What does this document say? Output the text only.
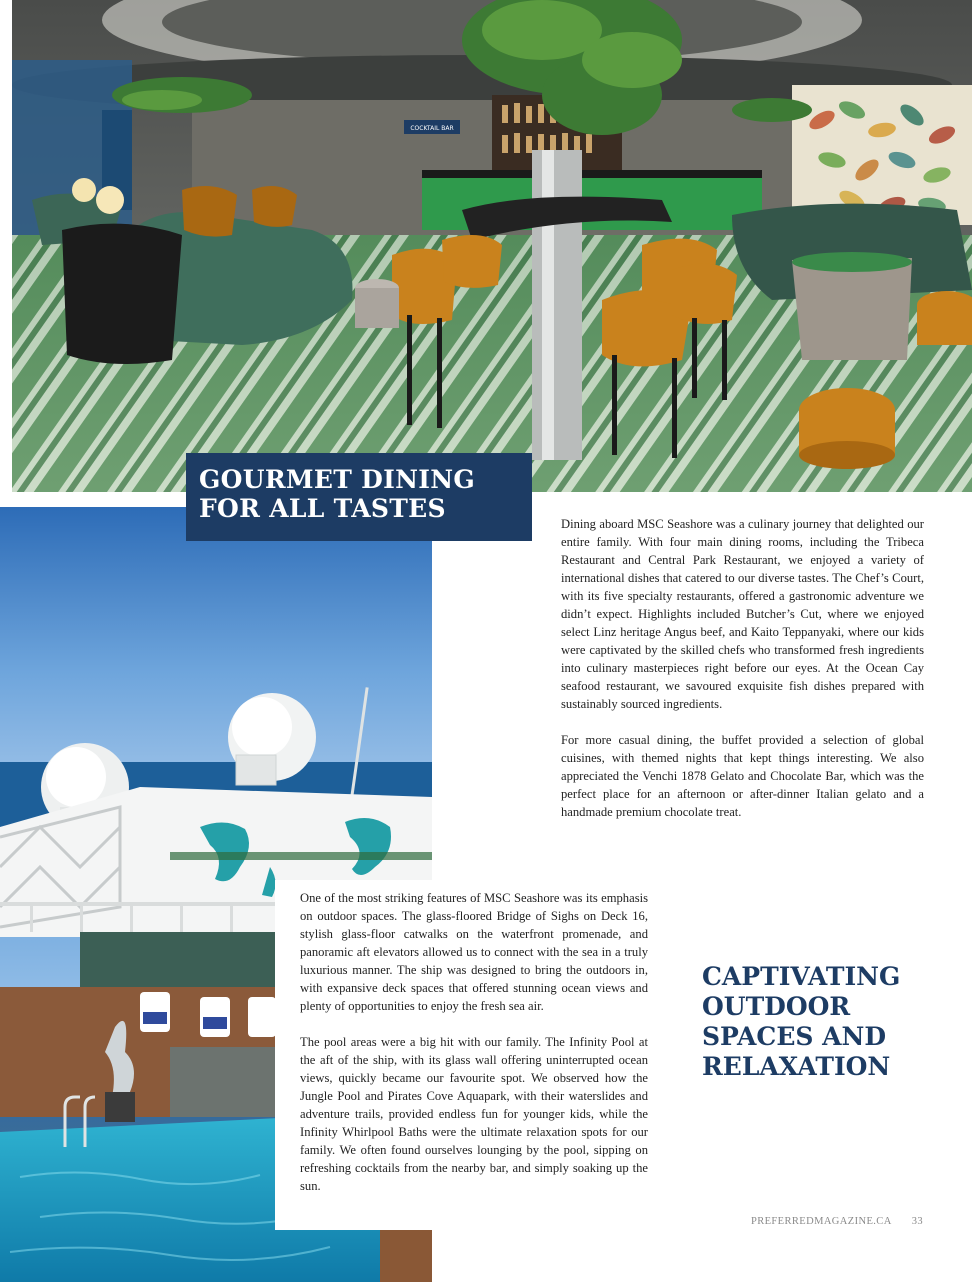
COCKTAIL BAR
GOURMET DINING FOR ALL TASTES

Dining aboard MSC Seashore was a culinary journey that delighted our entire family. With four main dining rooms, including the Tribeca Restaurant and Central Park Restaurant, we enjoyed a variety of international dishes that catered to our diverse tastes. The Chef’s Court, with its five specialty restaurants, offered a gastronomic adventure we didn’t expect. Highlights included Butcher’s Cut, where we enjoyed select Linz heritage Angus beef, and Kaito Teppanyaki, where our kids were captivated by the skilled chefs who transformed fresh ingredients into culinary masterpieces right before our eyes. At the Ocean Cay seafood restaurant, we savoured exquisite fish dishes prepared with sustainably sourced ingredients.

For more casual dining, the buffet provided a selection of global cuisines, with themed nights that kept things interesting. We also appreciated the Venchi 1878 Gelato and Chocolate Bar, which was the perfect place for an afternoon or after-dinner Italian gelato and a handmade premium chocolate treat.

One of the most striking features of MSC Seashore was its emphasis on outdoor spaces. The glass-floored Bridge of Sighs on Deck 16, stylish glass-floor catwalks on the waterfront promenade, and panoramic aft elevators allowed us to connect with the sea in a truly luxurious manner. The ship was designed to bring the outdoors in, with expansive deck spaces that offered stunning ocean views and plenty of opportunities to enjoy the fresh sea air.

The pool areas were a big hit with our family. The Infinity Pool at the aft of the ship, with its glass wall offering uninterrupted ocean views, quickly became our favourite spot. We observed how the Jungle Pool and Pirates Cove Aquapark, with their waterslides and adventure trails, provided endless fun for younger kids, while the Infinity Whirlpool Baths were the ultimate relaxation spots for our family. We often found ourselves lounging by the pool, sipping on refreshing cocktails from the nearby bar, and simply soaking up the sun.

CAPTIVATING OUTDOOR SPACES AND RELAXATION
PREFERREDMAGAZINE.CA 33
